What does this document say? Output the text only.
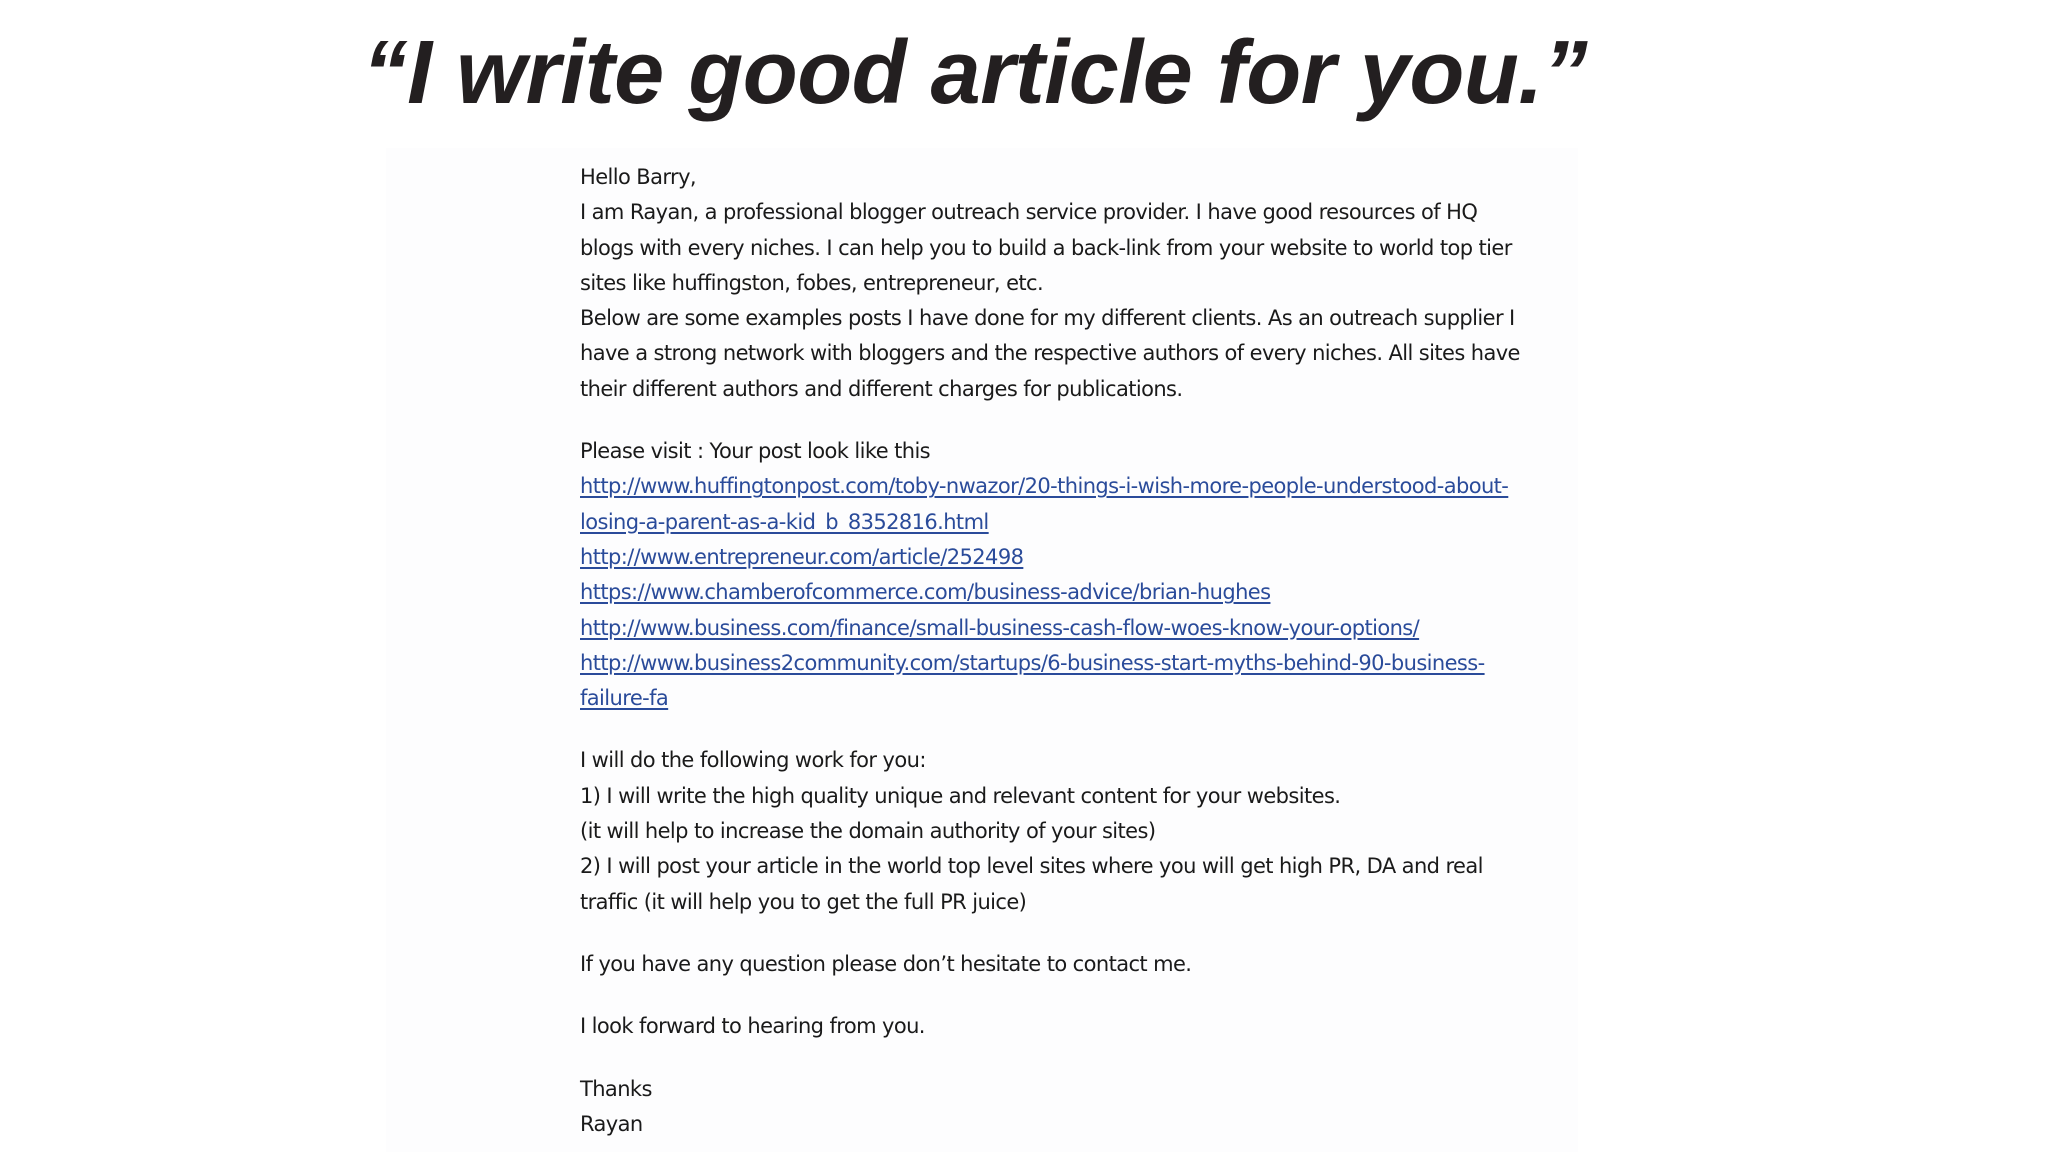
“I write good article for you.”
Hello Barry,
I am Rayan, a professional blogger outreach service provider. I have good resources of HQ
blogs with every niches. I can help you to build a back-link from your website to world top tier
sites like huffingston, fobes, entrepreneur, etc.
Below are some examples posts I have done for my different clients. As an outreach supplier I
have a strong network with bloggers and the respective authors of every niches. All sites have
their different authors and different charges for publications.
Please visit : Your post look like this
http://www.huffingtonpost.com/toby-nwazor/20-things-i-wish-more-people-understood-about-
losing-a-parent-as-a-kid_b_8352816.html
http://www.entrepreneur.com/article/252498
https://www.chamberofcommerce.com/business-advice/brian-hughes
http://www.business.com/finance/small-business-cash-flow-woes-know-your-options/
http://www.business2community.com/startups/6-business-start-myths-behind-90-business-
failure-fa
I will do the following work for you:
1) I will write the high quality unique and relevant content for your websites.
(it will help to increase the domain authority of your sites)
2) I will post your article in the world top level sites where you will get high PR, DA and real
traffic (it will help you to get the full PR juice)
If you have any question please don’t hesitate to contact me.
I look forward to hearing from you.
Thanks
Rayan
